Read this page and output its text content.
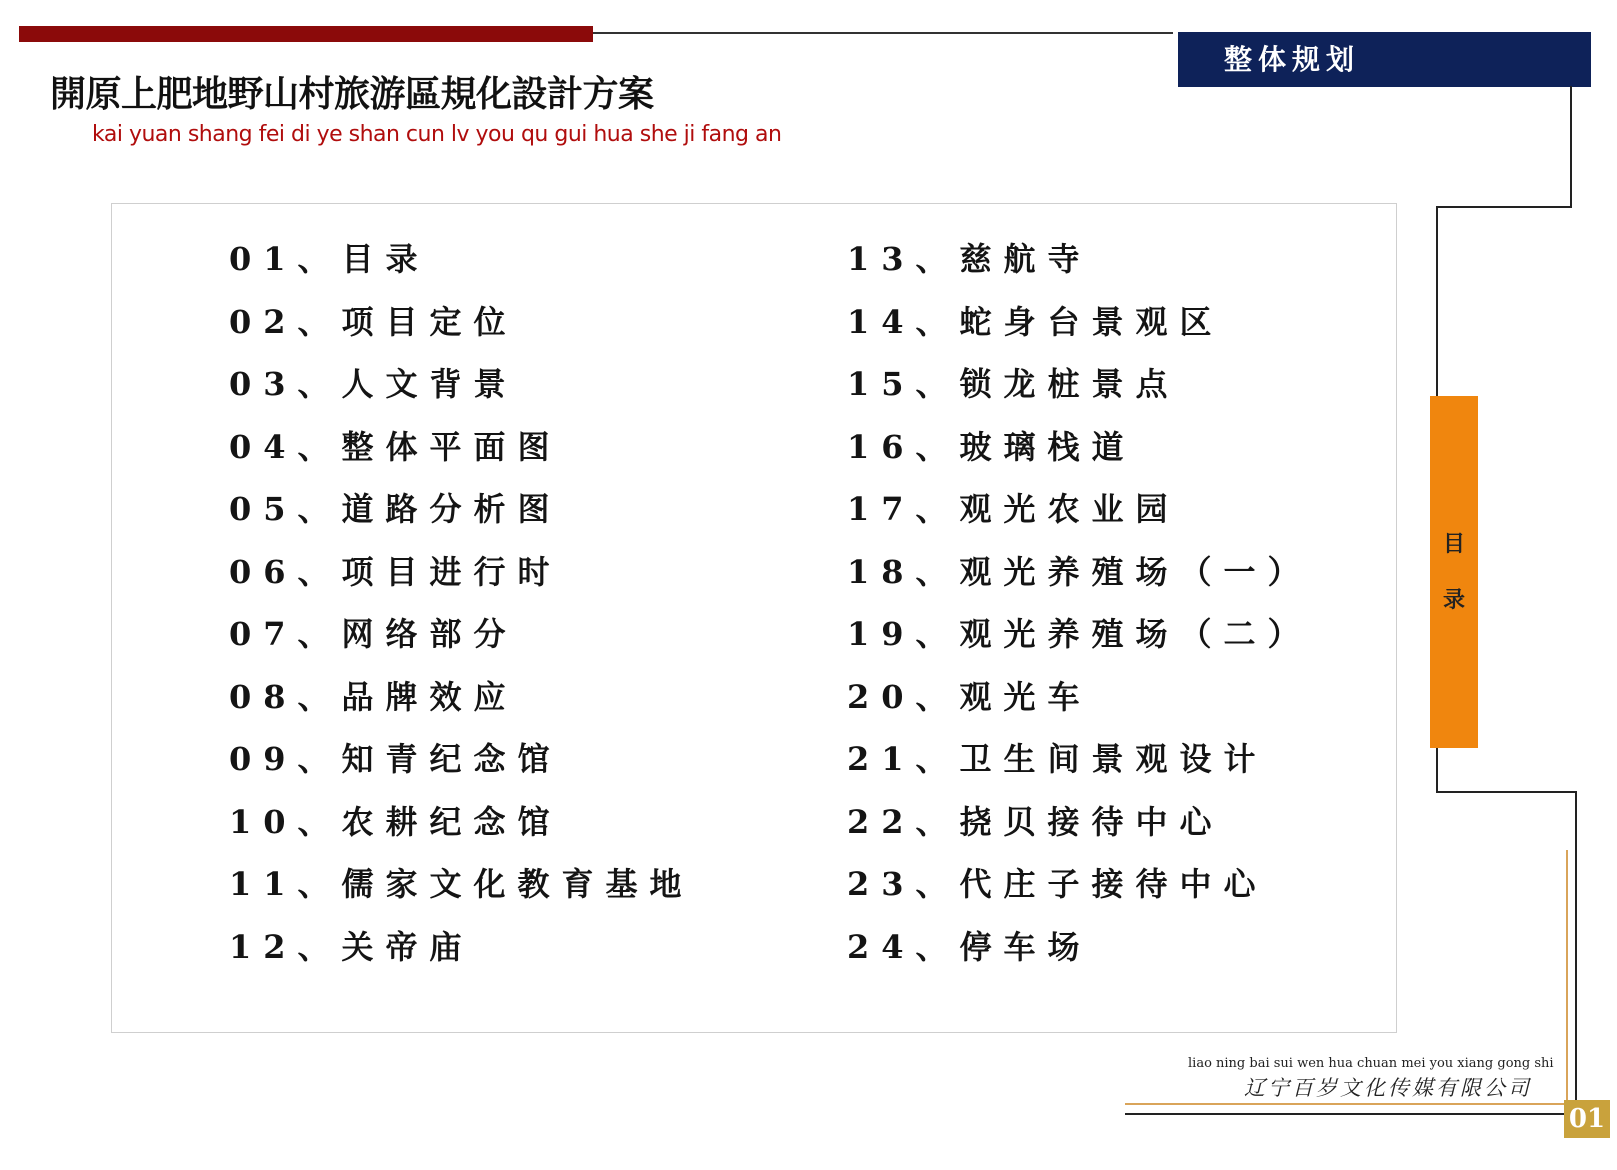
整体规划
開原上肥地野山村旅游區規化設計方案
kai yuan shang fei di ye shan cun lv you qu gui hua she ji fang an
目
录
01、目录
02、项目定位
03、人文背景
04、整体平面图
05、道路分析图
06、项目进行时
07、网络部分
08、品牌效应
09、知青纪念馆
10、农耕纪念馆
11、儒家文化教育基地
12、关帝庙
13、慈航寺
14、蛇身台景观区
15、锁龙桩景点
16、玻璃栈道
17、观光农业园
18、观光养殖场（一）
19、观光养殖场（二）
20、观光车
21、卫生间景观设计
22、挠贝接待中心
23、代庄子接待中心
24、停车场
liao ning bai sui wen hua chuan mei you xiang gong shi
辽宁百岁文化传媒有限公司
01
